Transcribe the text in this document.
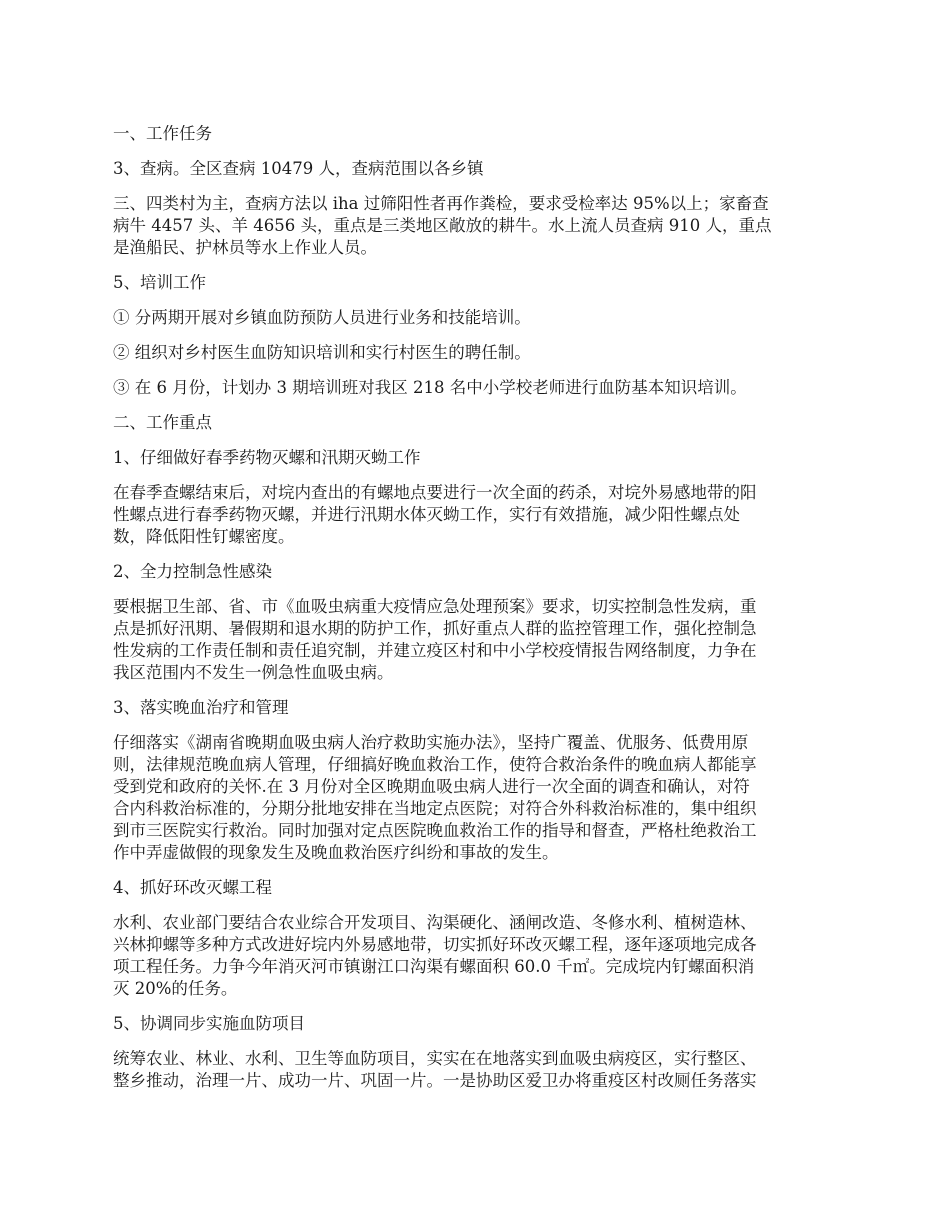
一、工作任务

3、查病。全区查病 10479 人，查病范围以各乡镇

三、四类村为主，查病方法以 iha 过筛阳性者再作粪检，要求受检率达 95%以上；家畜查
病牛 4457 头、羊 4656 头，重点是三类地区敞放的耕牛。水上流人员查病 910 人，重点
是渔船民、护林员等水上作业人员。

5、培训工作

① 分两期开展对乡镇血防预防人员进行业务和技能培训。

② 组织对乡村医生血防知识培训和实行村医生的聘任制。

③ 在 6 月份，计划办 3 期培训班对我区 218 名中小学校老师进行血防基本知识培训。

二、工作重点

1、仔细做好春季药物灭螺和汛期灭蚴工作

在春季查螺结束后，对垸内查出的有螺地点要进行一次全面的药杀，对垸外易感地带的阳
性螺点进行春季药物灭螺，并进行汛期水体灭蚴工作，实行有效措施，减少阳性螺点处
数，降低阳性钉螺密度。

2、全力控制急性感染

要根据卫生部、省、市《血吸虫病重大疫情应急处理预案》要求，切实控制急性发病，重
点是抓好汛期、暑假期和退水期的防护工作，抓好重点人群的监控管理工作，强化控制急
性发病的工作责任制和责任追究制，并建立疫区村和中小学校疫情报告网络制度，力争在
我区范围内不发生一例急性血吸虫病。

3、落实晚血治疗和管理

仔细落实《湖南省晚期血吸虫病人治疗救助实施办法》，坚持广覆盖、优服务、低费用原
则，法律规范晚血病人管理，仔细搞好晚血救治工作，使符合救治条件的晚血病人都能享
受到党和政府的关怀.在 3 月份对全区晚期血吸虫病人进行一次全面的调查和确认，对符
合内科救治标准的，分期分批地安排在当地定点医院；对符合外科救治标准的，集中组织
到市三医院实行救治。同时加强对定点医院晚血救治工作的指导和督查，严格杜绝救治工
作中弄虚做假的现象发生及晚血救治医疗纠纷和事故的发生。

4、抓好环改灭螺工程

水利、农业部门要结合农业综合开发项目、沟渠硬化、涵闸改造、冬修水利、植树造林、
兴林抑螺等多种方式改进好垸内外易感地带，切实抓好环改灭螺工程，逐年逐项地完成各
项工程任务。力争今年消灭河市镇谢江口沟渠有螺面积 60.0 千㎡。完成垸内钉螺面积消
灭 20%的任务。

5、协调同步实施血防项目

统筹农业、林业、水利、卫生等血防项目，实实在在地落实到血吸虫病疫区，实行整区、
整乡推动，治理一片、成功一片、巩固一片。一是协助区爱卫办将重疫区村改厕任务落实
